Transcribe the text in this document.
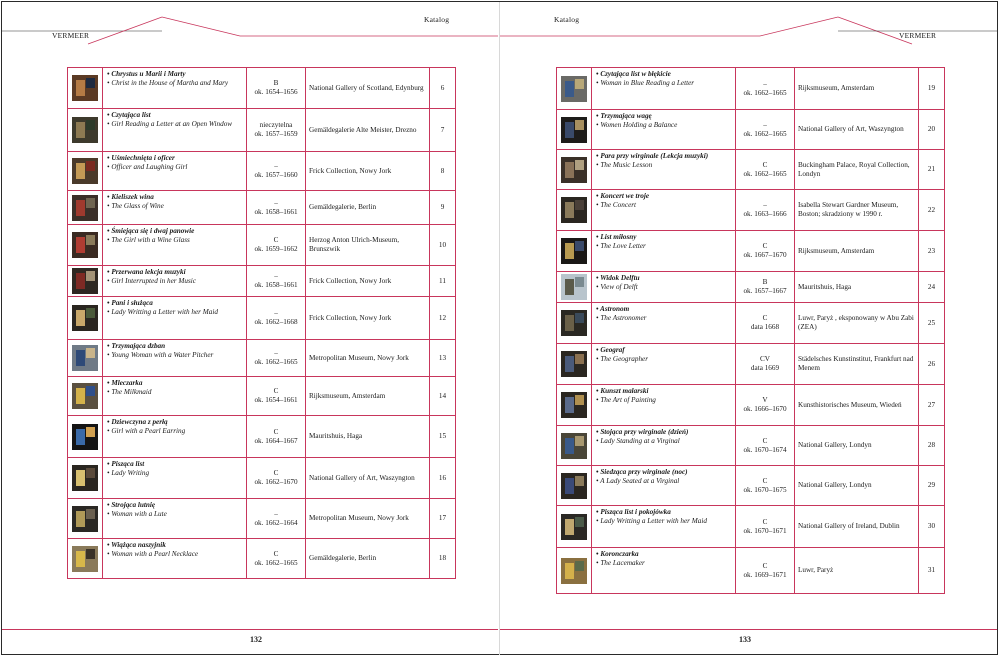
VERMEER	VERMEER
Katalog	Katalog

• Chrystus u Marii i Marty
• Christ in the House of Martha and Mary	B
ok. 1654–1656	National Gallery of Scotland, Edynburg	6

• Czytająca list
• Girl Reading a Letter at an Open Window	nieczytelna
ok. 1657–1659	Gemäldegalerie Alte Meister, Drezno	7

• Uśmiechnięta i oficer
• Officer and Laughing Girl	–
ok. 1657–1660	Frick Collection, Nowy Jork	8

• Kieliszek wina
• The Glass of Wine	–
ok. 1658–1661	Gemäldegalerie, Berlin	9

• Śmiejąca się i dwaj panowie
• The Girl with a Wine Glass	C
ok. 1659–1662	Herzog Anton Ulrich-Museum, Brunszwik	10

• Przerwana lekcja muzyki
• Girl Interrupted in her Music	–
ok. 1658–1661	Frick Collection, Nowy Jork	11

• Pani i służąca
• Lady Writting a Letter with her Maid	–
ok. 1662–1668	Frick Collection, Nowy Jork	12

• Trzymająca dzban
• Young Woman with a Water Pitcher	–
ok. 1662–1665	Metropolitan Museum, Nowy Jork	13

• Mleczarka
• The Milkmaid	C
ok. 1654–1661	Rijksmuseum, Amsterdam	14

• Dziewczyna z perłą
• Girl with a Pearl Earring	C
ok. 1664–1667	Mauritshuis, Haga	15

• Pisząca list
• Lady Writing	C
ok. 1662–1670	National Gallery of Art, Waszyngton	16

• Strojąca lutnię
• Woman with a Lute	–
ok. 1662–1664	Metropolitan Museum, Nowy Jork	17

• Wiążąca naszyjnik
• Woman with a Pearl Necklace	C
ok. 1662–1665	Gemäldegalerie, Berlin	18

• Czytająca list w błękicie
• Woman in Blue Reading a Letter	–
ok. 1662–1665	Rijksmuseum, Amsterdam	19

• Trzymająca wagę
• Women Holding a Balance	–
ok. 1662–1665	National Gallery of Art, Waszyngton	20

• Para przy wirginale (Lekcja muzyki)
• The Music Lesson	C
ok. 1662–1665	Buckingham Palace, Royal Collection, Londyn	21

• Koncert we troje
• The Concert	–
ok. 1663–1666	Isabella Stewart Gardner Museum, Boston; skradziony w 1990 r.	22

• List miłosny
• The Love Letter	C
ok. 1667–1670	Rijksmuseum, Amsterdam	23

• Widok Delftu
• View of Delft	B
ok. 1657–1667	Mauritshuis, Haga	24

• Astronom
• The Astronomer	C
data 1668	Luwr, Paryż , eksponowany w Abu Zabi (ZEA)	25

• Geograf
• The Geographer	CV
data 1669	Städelsches Kunstinstitut, Frankfurt nad Menem	26

• Kunszt malarski
• The Art of Painting	V
ok. 1666–1670	Kunsthistorisches Museum, Wiedeń	27

• Stojąca przy wirginale (dzień)
• Lady Standing at a Virginal	C
ok. 1670–1674	National Gallery, Londyn	28

• Siedząca przy wirginale (noc)
• A Lady Seated at a Virginal	C
ok. 1670–1675	National Gallery, Londyn	29

• Pisząca list i pokojówka
• Lady Writting a Letter with her Maid	C
ok. 1670–1671	National Gallery of Ireland, Dublin	30

• Koronczarka
• The Lacemaker	C
ok. 1669–1671	Luwr, Paryż	31
132	133
